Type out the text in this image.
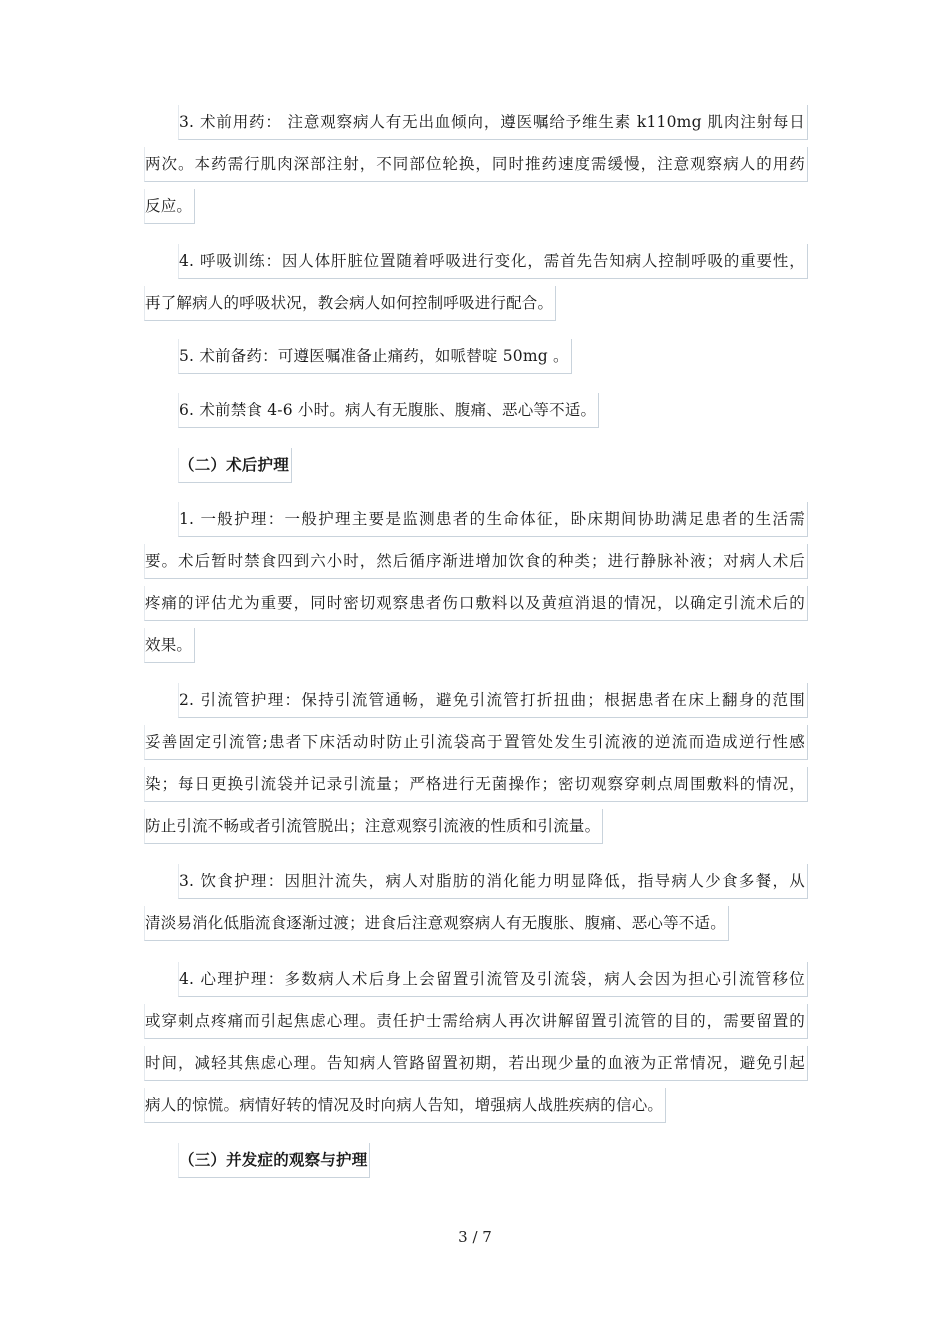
3. 术前用药： 注意观察病人有无出血倾向，遵医嘱给予维生素 k110mg 肌肉注射每日
两次。本药需行肌肉深部注射，不同部位轮换，同时推药速度需缓慢，注意观察病人的用药
反应。
4. 呼吸训练：因人体肝脏位置随着呼吸进行变化，需首先告知病人控制呼吸的重要性，
再了解病人的呼吸状况，教会病人如何控制呼吸进行配合。
5. 术前备药：可遵医嘱准备止痛药，如哌替啶 50mg 。
6. 术前禁食 4-6 小时。病人有无腹胀、腹痛、恶心等不适。
（二）术后护理
1. 一般护理：一般护理主要是监测患者的生命体征，卧床期间协助满足患者的生活需
要。术后暂时禁食四到六小时，然后循序渐进增加饮食的种类；进行静脉补液；对病人术后
疼痛的评估尤为重要，同时密切观察患者伤口敷料以及黄疸消退的情况，以确定引流术后的
效果。
2. 引流管护理：保持引流管通畅，避免引流管打折扭曲；根据患者在床上翻身的范围
妥善固定引流管;患者下床活动时防止引流袋高于置管处发生引流液的逆流而造成逆行性感
染；每日更换引流袋并记录引流量；严格进行无菌操作；密切观察穿刺点周围敷料的情况，
防止引流不畅或者引流管脱出；注意观察引流液的性质和引流量。
3. 饮食护理：因胆汁流失，病人对脂肪的消化能力明显降低，指导病人少食多餐，从
清淡易消化低脂流食逐渐过渡；进食后注意观察病人有无腹胀、腹痛、恶心等不适。
4. 心理护理：多数病人术后身上会留置引流管及引流袋，病人会因为担心引流管移位
或穿刺点疼痛而引起焦虑心理。责任护士需给病人再次讲解留置引流管的目的，需要留置的
时间，减轻其焦虑心理。告知病人管路留置初期，若出现少量的血液为正常情况，避免引起
病人的惊慌。病情好转的情况及时向病人告知，增强病人战胜疾病的信心。
（三）并发症的观察与护理
3 / 7
